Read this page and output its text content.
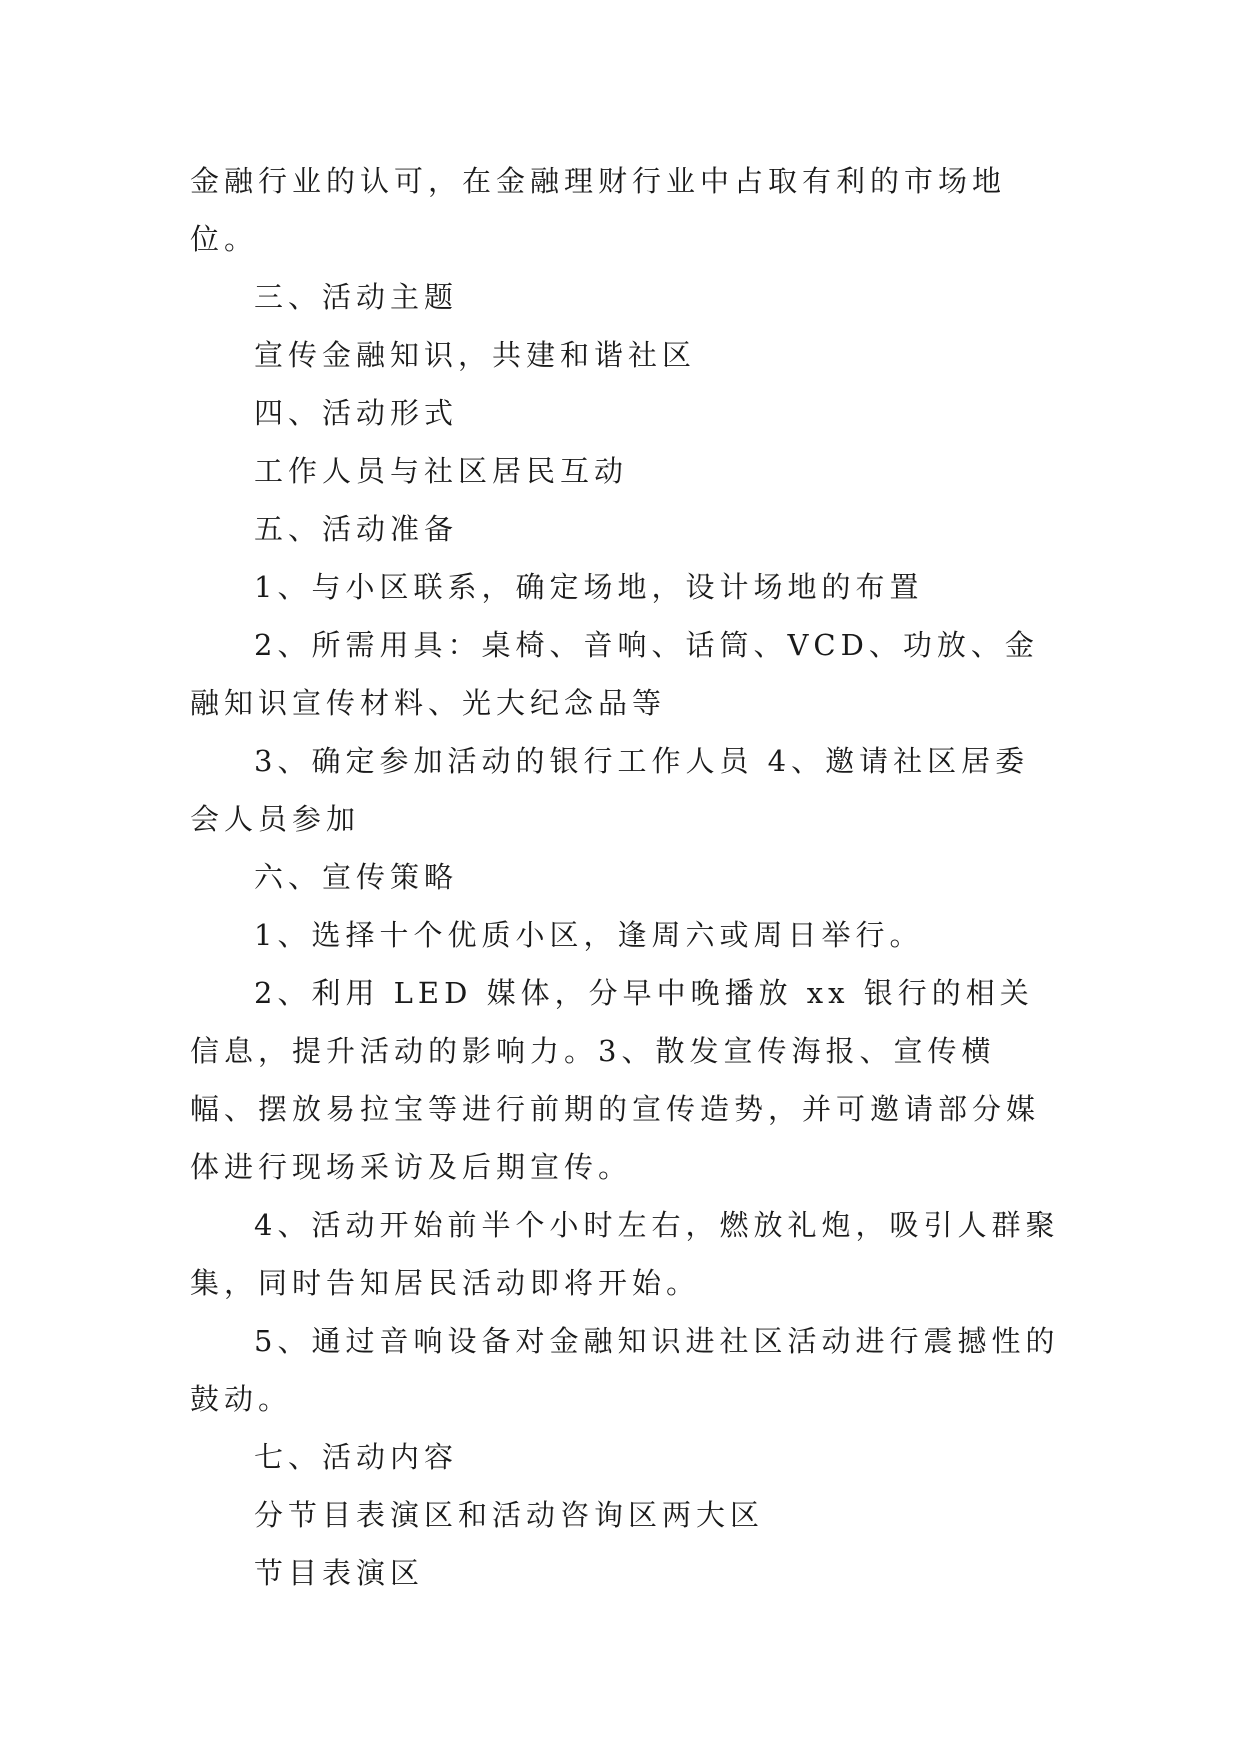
金融行业的认可，在金融理财行业中占取有利的市场地位。

三、活动主题

宣传金融知识，共建和谐社区

四、活动形式

工作人员与社区居民互动

五、活动准备

1、与小区联系，确定场地，设计场地的布置

2、所需用具：桌椅、音响、话筒、VCD、功放、金融知识宣传材料、光大纪念品等

3、确定参加活动的银行工作人员 4、邀请社区居委会人员参加

六、宣传策略

1、选择十个优质小区，逢周六或周日举行。

2、利用 LED 媒体，分早中晚播放 xx 银行的相关信息，提升活动的影响力。3、散发宣传海报、宣传横幅、摆放易拉宝等进行前期的宣传造势，并可邀请部分媒体进行现场采访及后期宣传。

4、活动开始前半个小时左右，燃放礼炮，吸引人群聚集，同时告知居民活动即将开始。

5、通过音响设备对金融知识进社区活动进行震撼性的鼓动。

七、活动内容

分节目表演区和活动咨询区两大区

节目表演区
